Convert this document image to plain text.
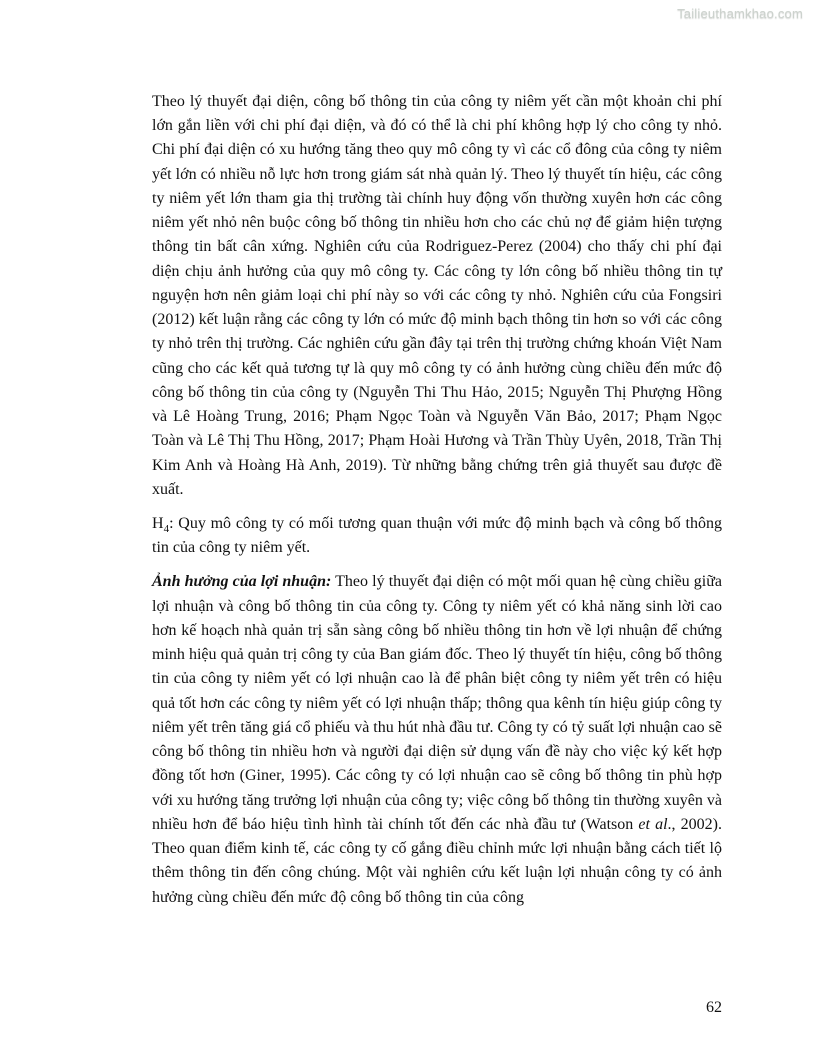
Tailieuthamkhao.com

Theo lý thuyết đại diện, công bố thông tin của công ty niêm yết cần một khoản chi phí lớn gắn liền với chi phí đại diện, và đó có thể là chi phí không hợp lý cho công ty nhỏ. Chi phí đại diện có xu hướng tăng theo quy mô công ty vì các cổ đông của công ty niêm yết lớn có nhiều nỗ lực hơn trong giám sát nhà quản lý. Theo lý thuyết tín hiệu, các công ty niêm yết lớn tham gia thị trường tài chính huy động vốn thường xuyên hơn các công niêm yết nhỏ nên buộc công bố thông tin nhiều hơn cho các chủ nợ để giảm hiện tượng thông tin bất cân xứng. Nghiên cứu của Rodriguez-Perez (2004) cho thấy chi phí đại diện chịu ảnh hưởng của quy mô công ty. Các công ty lớn công bố nhiều thông tin tự nguyện hơn nên giảm loại chi phí này so với các công ty nhỏ. Nghiên cứu của Fongsiri (2012) kết luận rằng các công ty lớn có mức độ minh bạch thông tin hơn so với các công ty nhỏ trên thị trường. Các nghiên cứu gần đây tại trên thị trường chứng khoán Việt Nam cũng cho các kết quả tương tự là quy mô công ty có ảnh hưởng cùng chiều đến mức độ công bố thông tin của công ty (Nguyễn Thi Thu Hảo, 2015; Nguyễn Thị Phượng Hồng và Lê Hoàng Trung, 2016; Phạm Ngọc Toàn và Nguyễn Văn Bảo, 2017; Phạm Ngọc Toàn và Lê Thị Thu Hồng, 2017; Phạm Hoài Hương và Trần Thùy Uyên, 2018, Trần Thị Kim Anh và Hoàng Hà Anh, 2019). Từ những bằng chứng trên giả thuyết sau được đề xuất.

$H_4$: Quy mô công ty có mối tương quan thuận với mức độ minh bạch và công bố thông tin của công ty niêm yết.

Ảnh hưởng của lợi nhuận: Theo lý thuyết đại diện có một mối quan hệ cùng chiều giữa lợi nhuận và công bố thông tin của công ty. Công ty niêm yết có khả năng sinh lời cao hơn kế hoạch nhà quản trị sẵn sàng công bố nhiều thông tin hơn về lợi nhuận để chứng minh hiệu quả quản trị công ty của Ban giám đốc. Theo lý thuyết tín hiệu, công bố thông tin của công ty niêm yết có lợi nhuận cao là để phân biệt công ty niêm yết trên có hiệu quả tốt hơn các công ty niêm yết có lợi nhuận thấp; thông qua kênh tín hiệu giúp công ty niêm yết trên tăng giá cổ phiếu và thu hút nhà đầu tư. Công ty có tỷ suất lợi nhuận cao sẽ công bố thông tin nhiều hơn và người đại diện sử dụng vấn đề này cho việc ký kết hợp đồng tốt hơn (Giner, 1995). Các công ty có lợi nhuận cao sẽ công bố thông tin phù hợp với xu hướng tăng trưởng lợi nhuận của công ty; việc công bố thông tin thường xuyên và nhiều hơn để báo hiệu tình hình tài chính tốt đến các nhà đầu tư (Watson et al., 2002). Theo quan điểm kinh tế, các công ty cố gắng điều chỉnh mức lợi nhuận bằng cách tiết lộ thêm thông tin đến công chúng. Một vài nghiên cứu kết luận lợi nhuận công ty có ảnh hưởng cùng chiều đến mức độ công bố thông tin của công

62
